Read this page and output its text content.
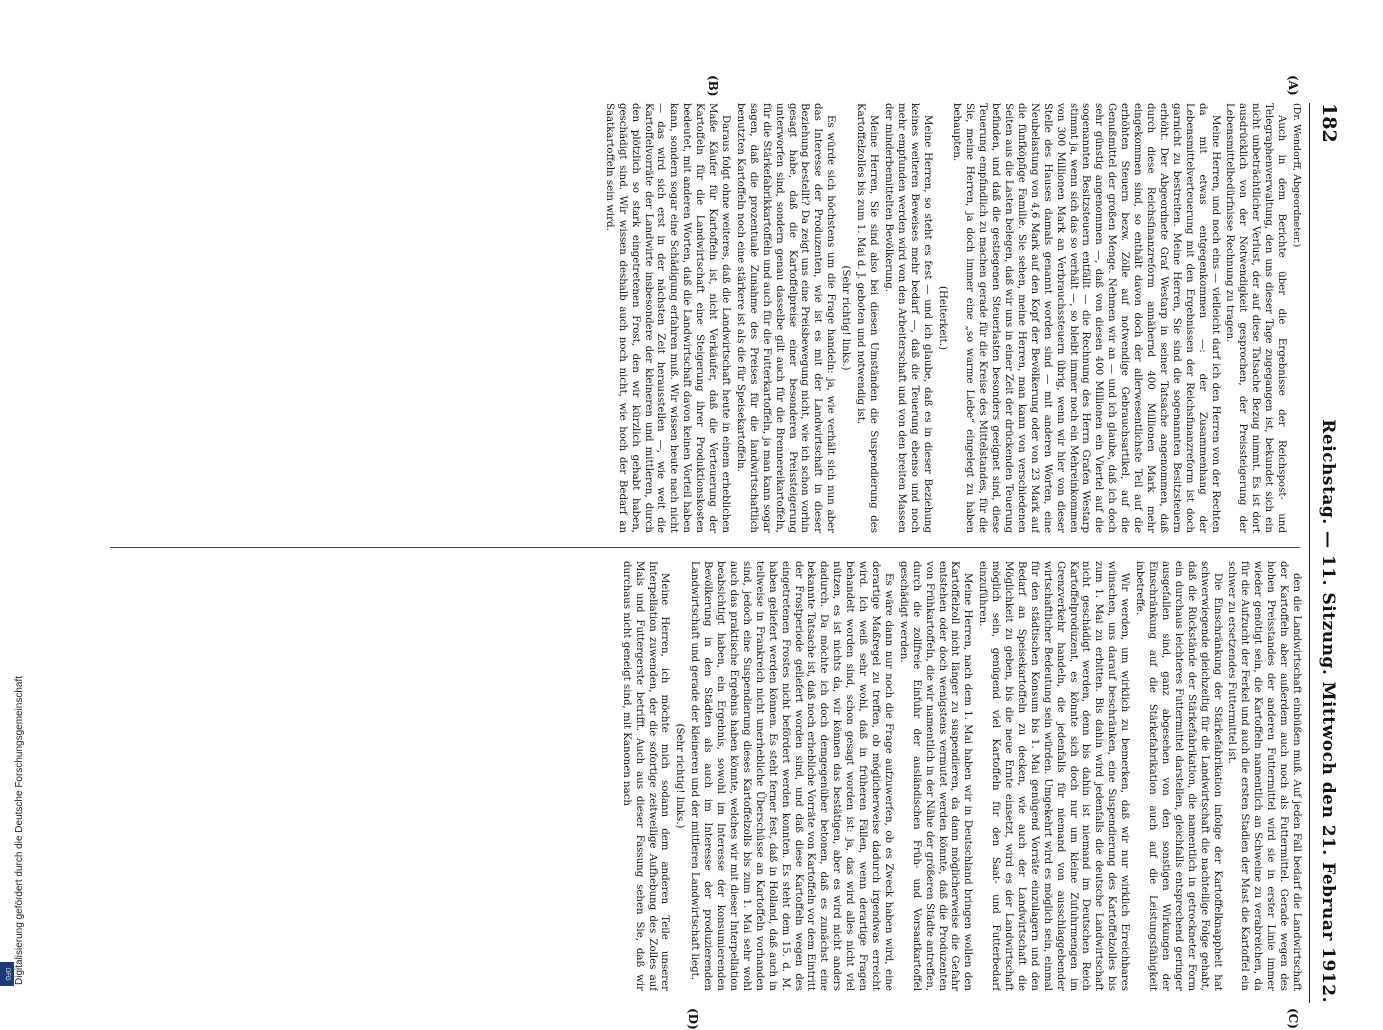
182
Reichstag. — 11. Sitzung. Mittwoch den 21. Februar 1912.

(Dr. Wendorff, Abgeordneter.)

Auch in dem Berichte über die Ergebnisse der Reichspost- und Telegraphenverwaltung, den uns dieser Tage zugegangen ist, bekundet sich ein nicht unbeträchtlicher Verlust, der auf diese Tatsache Bezug nimmt. Es ist dort ausdrücklich von der Notwendigkeit gesprochen, der Preissteigerung der Lebensmittelbedürfnisse Rechnung zu tragen.

Meine Herren, und noch eins — vielleicht darf ich den Herren von der Rechten da mit etwas entgegenkommen —: der Zusammenhang der Lebensmittelverteuerung mit den Ergebnissen der Reichsfinanzreform ist doch garnicht zu bestreiten. Meine Herren, Sie sind die sogenannten Besitzsteuern erhöht. Der Abgeordnete Graf Westarp in seiner Tatsache angenommen, daß durch diese Reichsfinanzreform annähernd 400 Millionen Mark mehr eingekommen sind, so enthält davon doch der allerwesentlichste Teil auf die erhöhten Steuern bezw. Zölle auf notwendige Gebrauchsartikel, auf die Genußmittel der großen Menge. Nehmen wir an — und ich glaube, daß ich doch sehr günstig angenommen —, daß von diesen 400 Millionen ein Viertel auf die sogenannten Besitzsteuern entfällt — die Rechnung des Herrn Grafen Westarp stimmt ja, wenn sich das so verhält —, so bleibt immer noch ein Mehreinkommen von 300 Millionen Mark an Verbrauchssteuern übrig, wenn wir hier von dieser Stelle des Hauses damals genannt worden sind — mit anderen Worten, eine Neubelastung von 4,6 Mark auf den Kopf der Bevölkerung oder von 23 Mark auf die fünfköpfige Familie. Sie sehen, meine Herren, man kann von verschiedenen Seiten aus die Lasten belegen, daß wir uns in einer Zeit der drückenden Teuerung befinden, und daß die gestiegenen Steuerlasten besonders geeignet sind, diese Teuerung empfindlich zu machen gerade für die Kreise des Mittelstandes, für die Sie, meine Herren, ja doch immer eine „so warme Liebe“ eingelegt zu haben behaupten.

(Heiterkeit.)

Meine Herren, so steht es fest — und ich glaube, daß es in dieser Beziehung keines weiteren Beweises mehr bedarf —, daß die Teuerung ebenso und noch mehr empfunden werden wird von den Arbeiterschaft und von den breiten Massen der minderbemittelten Bevölkerung.

Meine Herren, Sie sind also bei diesen Umständen die Suspendierung des Kartoffelzolles bis zum 1. Mai d. J. geboten und notwendig ist.

(Sehr richtig! links.)

Es würde sich höchstens um die Frage handeln: ja, wie verhält sich nun aber das Interesse der Produzenten, wie ist es mit der Landwirtschaft in dieser Beziehung bestellt? Da zeigt uns eine Preisbewegung nicht, wie ich schon vorhin gesagt habe, daß die Kartoffelpreise einer besonderen Preissteigerung unterworfen sind, sondern genau dasselbe gilt auch für die Brennereikartoffeln, für die Stärkefabrikkartoffeln und auch für die Futterkartoffeln, ja man kann sogar sagen, daß die prozentuale Zunahme des Preises für die landwirtschaftlich benutzten Kartoffeln noch eine stärkere ist als die für Speisekartoffeln.

Daraus folgt ohne weiteres, daß die Landwirtschaft heute in einem erheblichen Maße Käufer für Kartoffeln ist, nicht Verkäufer, daß die Verteuerung der Kartoffeln für die Landwirtschaft eine Steigerung ihrer Produktionskosten bedeutet, mit anderen Worten, daß die Landwirtschaft davon keinen Vorteil haben kann, sondern sogar eine Schädigung erfahren muß. Wir wissen heute nach nicht — das wird sich erst in der nächsten Zeit herausstellen —, wie weit die Kartoffelvorräte der Landwirte insbesondere der kleineren und mittleren, durch den plötzlich so stark eingetretenen Frost, den wir kürzlich gehabt haben, geschädigt sind. Wir wissen deshalb auch noch nicht, wie hoch der Bedarf an Saatkartoffeln sein wird.

den die Landwirtschaft einbüßen muß. Auf jeden Fall bedarf die Landwirtschaft der Kartoffeln aber außerdem auch noch als Futtermittel. Gerade wegen des hohen Preisstandes der anderen Futtermittel wird sie in erster Linie immer wieder genötigt sein, die Kartoffeln namentlich an Schweine zu verabreichen, da für die Aufzucht der Ferkel und auch die ersten Stadien der Mast die Kartoffel ein schwer zu ersetzendes Futtermittel ist.

Die Einschränkung der Stärkefabrikation infolge der Kartoffelknappheit hat schwerwiegende gleichzeitig für die Landwirtschaft die nachteilige Folge gehabt, daß die Rückstände der Stärkefabrikation, die namentlich in getrockneter Form ein durchaus leichteres Futtermittel darstellen, gleichfalls entsprechend geringer ausgefallen sind, ganz abgesehen von den sonstigen Wirkungen der Einschränkung auf die Stärkefabrikation auch auf die Leistungsfähigkeit inbetreffe.

Wir werden, um wirklich zu bemerken, daß wir nur wirklich Erreichbares wünschen, uns darauf beschränken, eine Suspendierung des Kartoffelzolles bis zum 1. Mai zu erbitten. Bis dahin wird jedenfalls die deutsche Landwirtschaft nicht geschädigt werden, denn bis dahin ist niemand im Deutschen Reich Kartoffelproduzent, es könnte sich doch nur um kleine Zufuhrmengen im Grenzverkehr handeln, die jedenfalls für niemand von ausschlaggebender wirtschaftlicher Bedeutung sein würden. Umgekehrt wird es möglich sein, einmal für den städtischen Konsum bis 1. Mai genügend Vorräte einzulagern und den Bedarf an Speisekartoffeln zu decken, wie auch der Landwirtschaft die Möglichkeit zu geben, bis die neue Ernte einsetzt, wird es der Landwirtschaft möglich sein, genügend viel Kartoffeln für den Saat- und Futterbedarf einzuführen.

Meine Herren, nach dem 1. Mai haben wir in Deutschland bringen wollen den Kartoffelzoll nicht länger zu suspendieren, da dann möglicherweise die Gefahr entstehen oder doch wenigstens vermutet werden könnte, daß die Produzenten von Frühkartoffeln, die wir namentlich in der Nähe der größeren Städte antreffen, durch die zollfreie Einfuhr der ausländischen Früh- und Vorsaatkartoffel geschädigt werden.

Es wäre dann nur noch die Frage aufzuwerfen, ob es Zweck haben wird, eine derartige Maßregel zu treffen, ob möglicherweise dadurch irgendwas erreicht wird. Ich weiß sehr wohl, daß in früheren Fällen, wenn derartige Fragen behandelt worden sind, schon gesagt worden ist: ja, das wird alles nicht viel nützen, es ist nichts da, wir können das bestätigen, aber es wird nicht anders dadurch. Da möchte ich doch demgegenüber betonen, daß es zunächst eine bekannte Tatsache ist, daß noch erhebliche Vorräte von Kartoffeln vor dem Eintritt der Frostperiode geliefert worden sind, und daß diese Kartoffeln wegen des eingetretenen Frostes nicht befördert werden konnten. Es steht dem 15. d. M. haben geliefert werden können. Es steht ferner fest, daß in Holland, daß auch in teilweise in Frankreich nicht unerhebliche Überschüsse an Kartoffeln vorhanden sind, jedoch eine Suspendierung dieses Kartoffelzolls bis zum 1. Mai sehr wohl auch das praktische Ergebnis haben könnte, welches wir mit dieser Interpellation beabsichtigt haben, ein Ergebnis, sowohl im Interesse der konsumierenden Bevölkerung in den Städten als auch im Interesse der produzierenden Landwirtschaft und gerade der kleineren und der mittleren Landwirtschaft liegt.

(Sehr richtig! links.)

Meine Herren, ich möchte mich sodann dem anderen Teile unserer Interpellation zuwenden, der die sofortige zeitweilige Aufhebung des Zolles auf Mais und Futtergerste betrifft. Auch aus dieser Fassung sehen Sie, daß wir durchaus nicht geneigt sind, mit Kanonen nach

(A)
(B)
(C)
(D)
Digitalisierung gefördert durch die Deutsche Forschungsgemeinschaft
DFG
